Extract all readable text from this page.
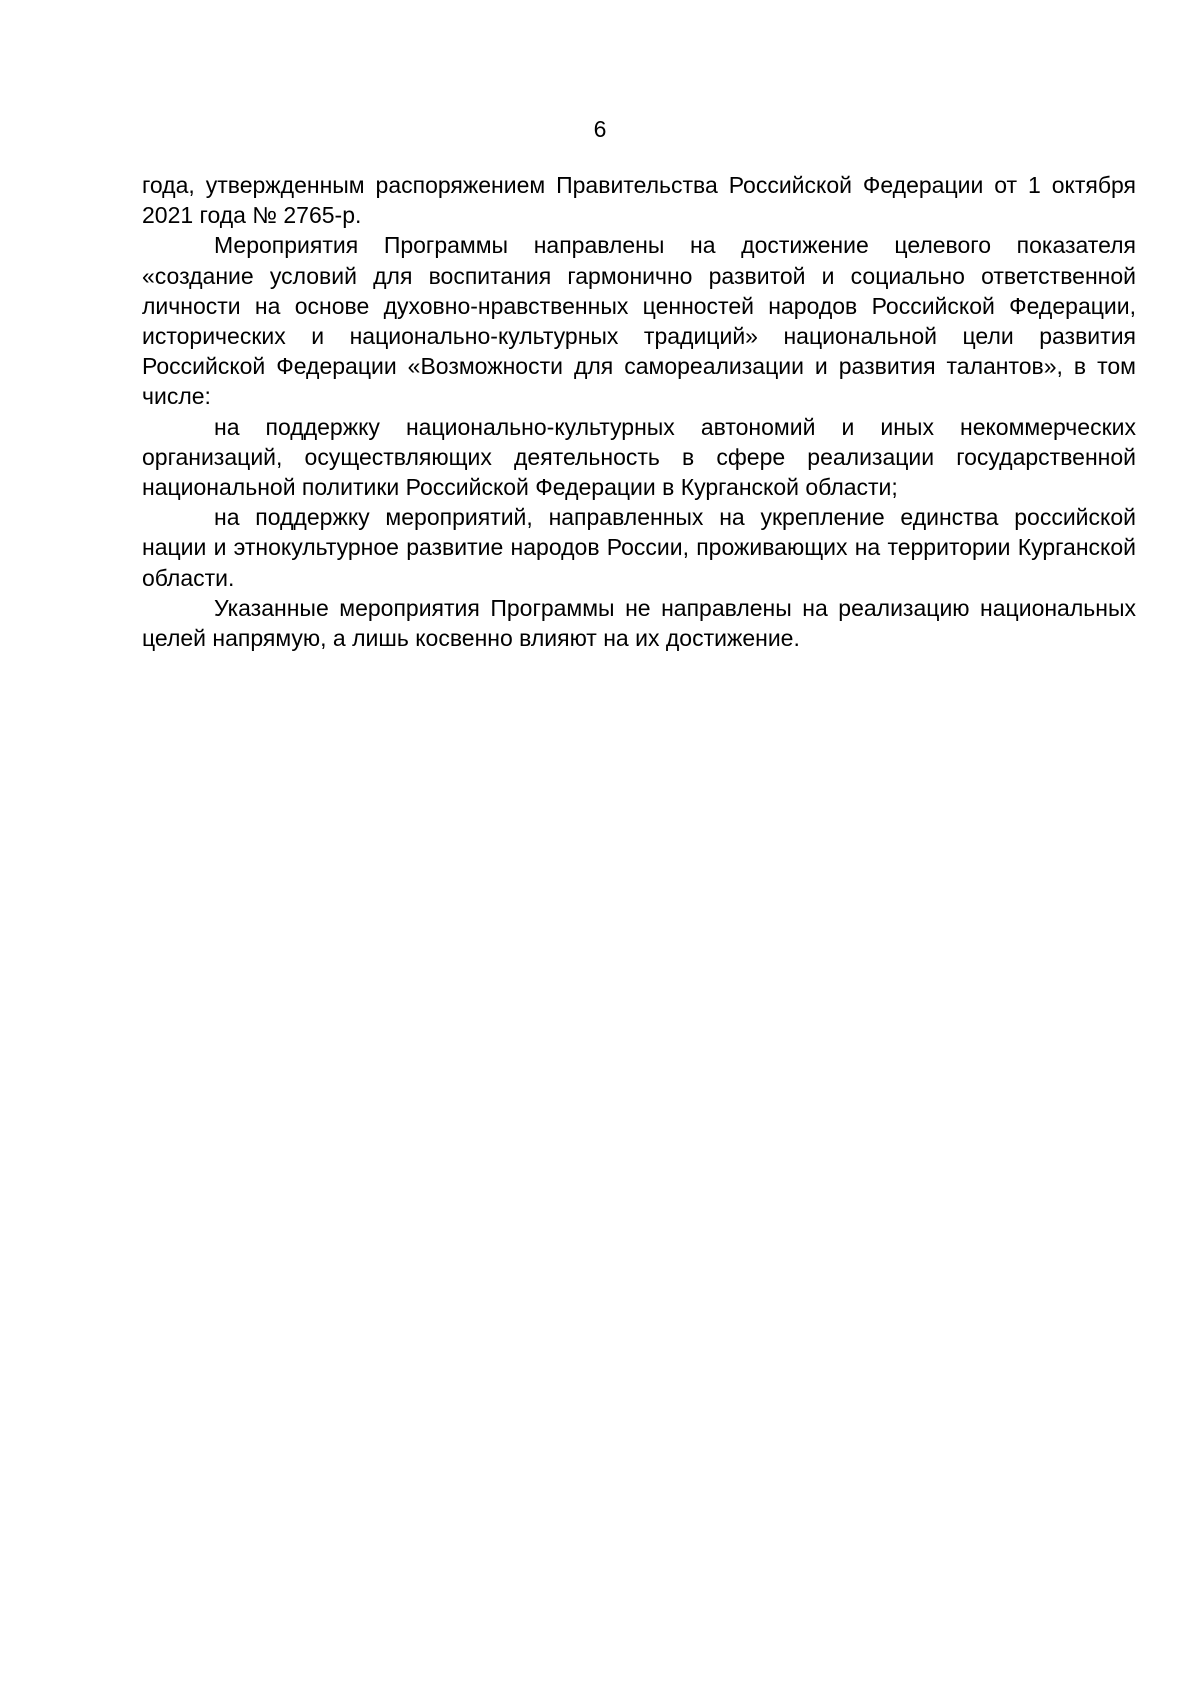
6

года, утвержденным распоряжением Правительства Российской Федерации от 1 октября 2021 года № 2765-р.

Мероприятия Программы направлены на достижение целевого показателя «создание условий для воспитания гармонично развитой и социально ответственной личности на основе духовно-нравственных ценностей народов Российской Федерации, исторических и национально-культурных традиций» национальной цели развития Российской Федерации «Возможности для самореализации и развития талантов», в том числе:

на поддержку национально-культурных автономий и иных некоммерческих организаций, осуществляющих деятельность в сфере реализации государственной национальной политики Российской Федерации в Курганской области;

на поддержку мероприятий, направленных на укрепление единства российской нации и этнокультурное развитие народов России, проживающих на территории Курганской области.

Указанные мероприятия Программы не направлены на реализацию национальных целей напрямую, а лишь косвенно влияют на их достижение.
